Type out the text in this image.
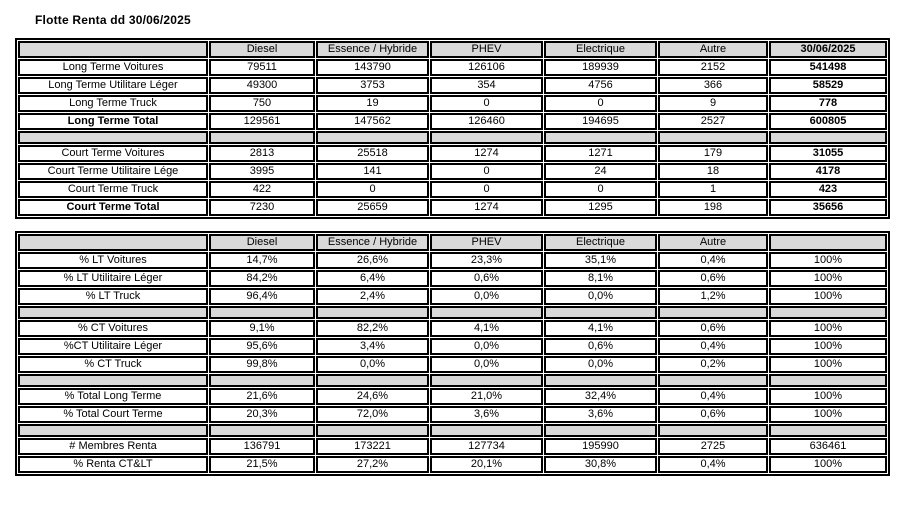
Flotte Renta dd 30/06/2025
	Diesel	Essence / Hybride	PHEV	Electrique	Autre	30/06/2025
Long Terme Voitures	79511	143790	126106	189939	2152	541498
Long Terme Utilitare Léger	49300	3753	354	4756	366	58529
Long Terme Truck	750	19	0	0	9	778
Long Terme Total	129561	147562	126460	194695	2527	600805

Court Terme Voitures	2813	25518	1274	1271	179	31055
Court Terme Utilitaire Lége	3995	141	0	24	18	4178
Court Terme Truck	422	0	0	0	1	423
Court Terme Total	7230	25659	1274	1295	198	35656
	Diesel	Essence / Hybride	PHEV	Electrique	Autre	
% LT Voitures	14,7%	26,6%	23,3%	35,1%	0,4%	100%
% LT Utilitaire Léger	84,2%	6,4%	0,6%	8,1%	0,6%	100%
% LT Truck	96,4%	2,4%	0,0%	0,0%	1,2%	100%

% CT Voitures	9,1%	82,2%	4,1%	4,1%	0,6%	100%
%CT Utilitaire Léger	95,6%	3,4%	0,0%	0,6%	0,4%	100%
% CT Truck	99,8%	0,0%	0,0%	0,0%	0,2%	100%

% Total Long Terme	21,6%	24,6%	21,0%	32,4%	0,4%	100%
% Total Court Terme	20,3%	72,0%	3,6%	3,6%	0,6%	100%

# Membres Renta	136791	173221	127734	195990	2725	636461
% Renta CT&LT	21,5%	27,2%	20,1%	30,8%	0,4%	100%
